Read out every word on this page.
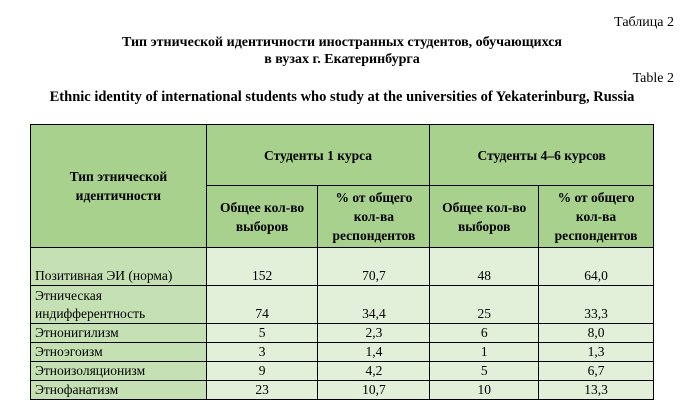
Таблица 2
Тип этнической идентичности иностранных студентов, обучающихся
в вузах г. Екатеринбурга
Table 2
Ethnic identity of international students who study at the universities of Yekaterinburg, Russia
Тип этнической идентичности	Студенты 1 курса		Студенты 4–6 курсов	
	Общее кол-во выборов	% от общего кол-ва респондентов	Общее кол-во выборов	% от общего кол-ва респондентов
Позитивная ЭИ (норма)	152	70,7	48	64,0
Этническая индифферентность	74	34,4	25	33,3
Этнонигилизм	5	2,3	6	8,0
Этноэгоизм	3	1,4	1	1,3
Этноизоляционизм	9	4,2	5	6,7
Этнофанатизм	23	10,7	10	13,3
